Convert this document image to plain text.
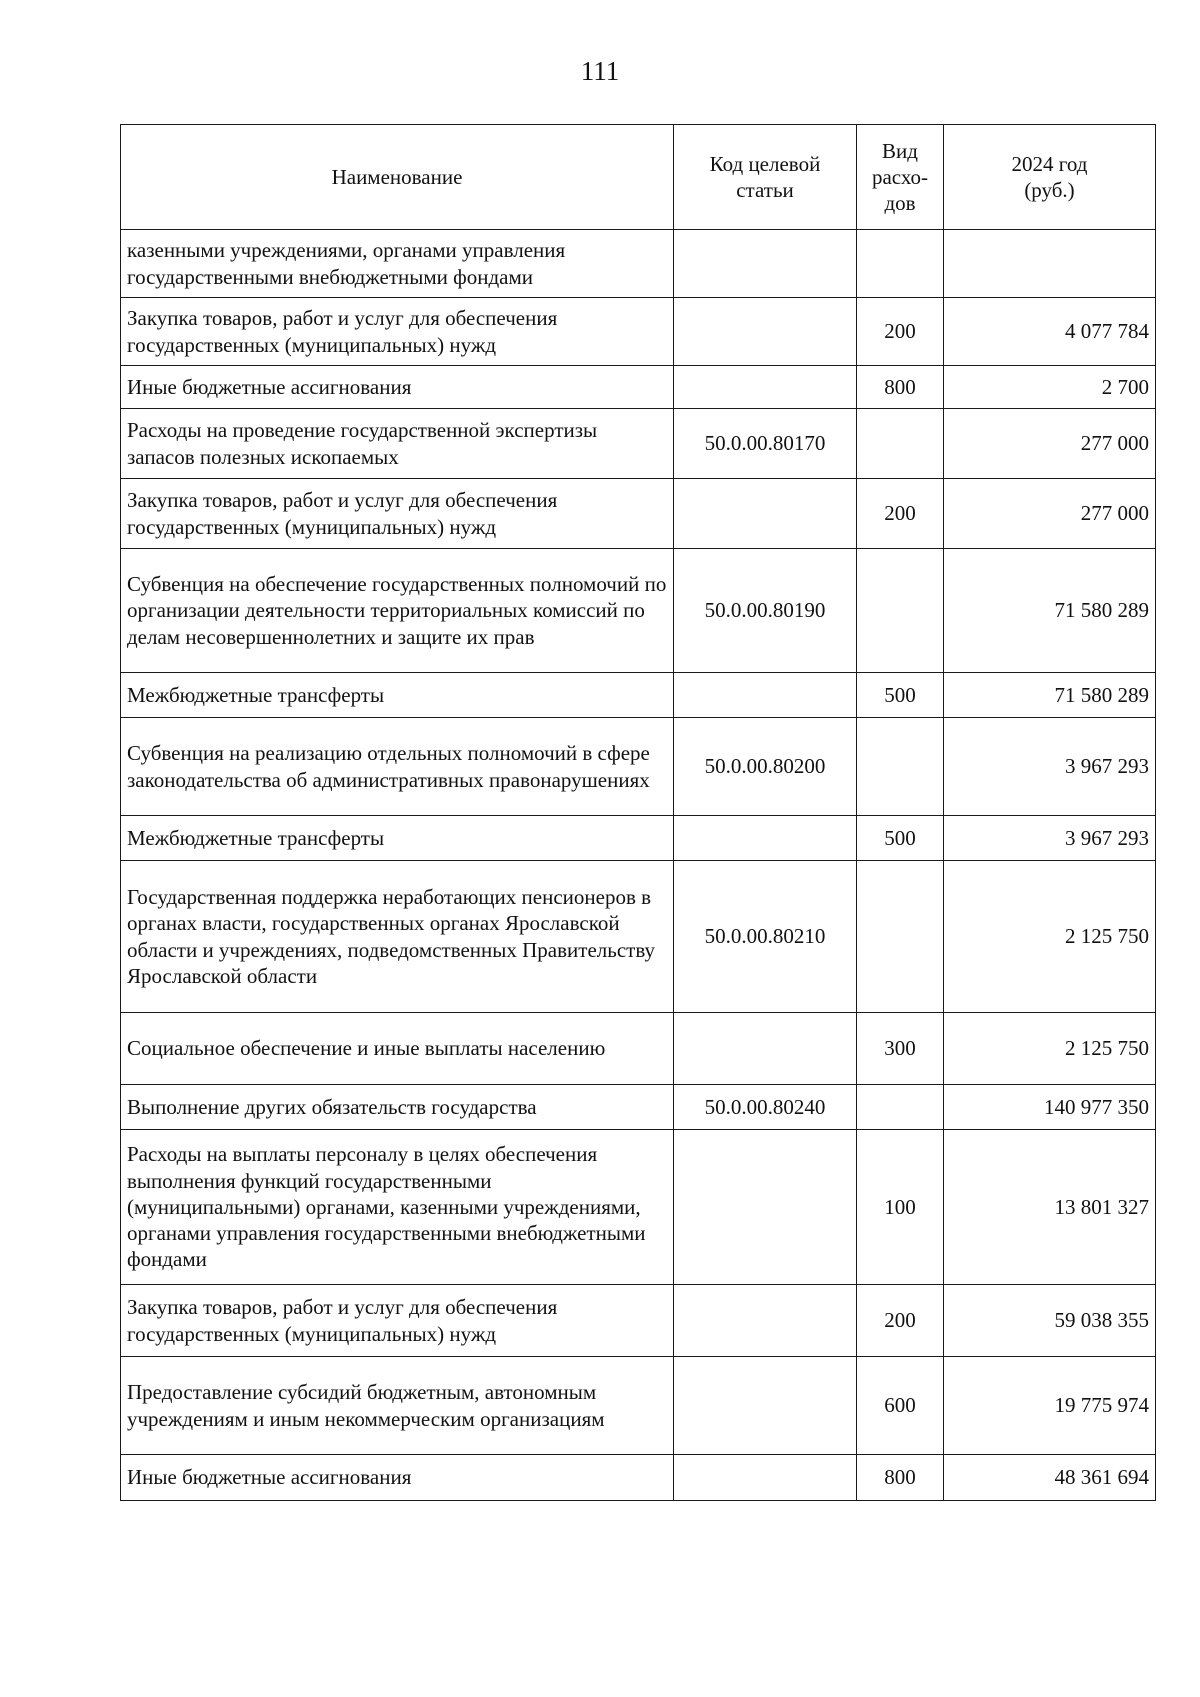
111
Наименование	Код целевой статьи	Вид расхо-дов	2024 год (руб.)
казенными учреждениями, органами управления государственными внебюджетными фондами			
Закупка товаров, работ и услуг для обеспечения государственных (муниципальных) нужд		200	4 077 784
Иные бюджетные ассигнования		800	2 700
Расходы на проведение государственной экспертизы запасов полезных ископаемых	50.0.00.80170		277 000
Закупка товаров, работ и услуг для обеспечения государственных (муниципальных) нужд		200	277 000
Субвенция на обеспечение государственных полномочий по организации деятельности территориальных комиссий по делам несовершеннолетних и защите их прав	50.0.00.80190		71 580 289
Межбюджетные трансферты		500	71 580 289
Субвенция на реализацию отдельных полномочий в сфере законодательства об административных правонарушениях	50.0.00.80200		3 967 293
Межбюджетные трансферты		500	3 967 293
Государственная поддержка неработающих пенсионеров в органах власти, государственных органах Ярославской области и учреждениях, подведомственных Правительству Ярославской области	50.0.00.80210		2 125 750
Социальное обеспечение и иные выплаты населению		300	2 125 750
Выполнение других обязательств государства	50.0.00.80240		140 977 350
Расходы на выплаты персоналу в целях обеспечения выполнения функций государственными (муниципальными) органами, казенными учреждениями, органами управления государственными внебюджетными фондами		100	13 801 327
Закупка товаров, работ и услуг для обеспечения государственных (муниципальных) нужд		200	59 038 355
Предоставление субсидий бюджетным, автономным учреждениям и иным некоммерческим организациям		600	19 775 974
Иные бюджетные ассигнования		800	48 361 694
